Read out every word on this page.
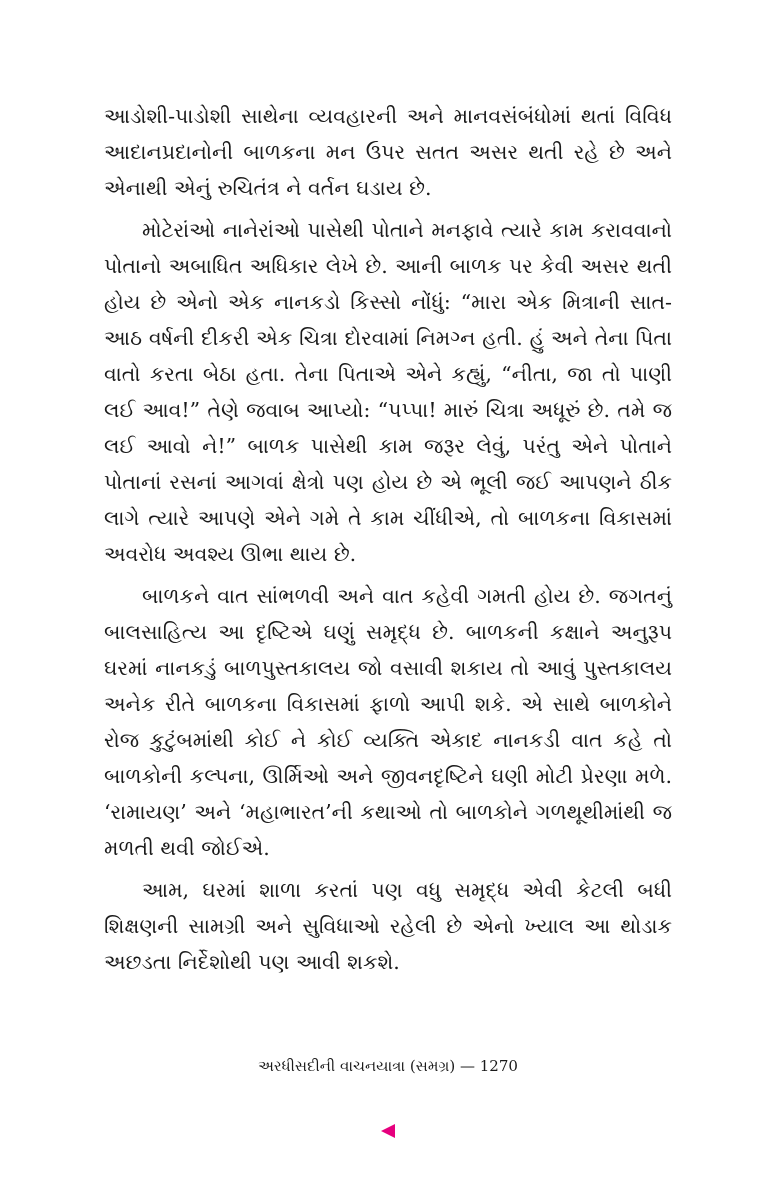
આડોશી-પાડોશી સાથેના વ્યવહારની અને માનવસંબંધોમાં થતાં વિવિધ આદાનપ્રદાનોની બાળકના મન ઉપર સતત અસર થતી રહે છે અને એનાથી એનું રુચિતંત્ર ને વર્તન ઘડાય છે.

મોટેરાંઓ નાનેરાંઓ પાસેથી પોતાને મનફાવે ત્યારે કામ કરાવવાનો પોતાનો અબાધિત અધિકાર લેખે છે. આની બાળક પર કેવી અસર થતી હોય છે એનો એક નાનકડો કિસ્સો નોંધું: “મારા એક મિત્રાની સાત-આઠ વર્ષની દીકરી એક ચિત્રા દોરવામાં નિમગ્ન હતી. હું અને તેના પિતા વાતો કરતા બેઠા હતા. તેના પિતાએ એને કહ્યું, “નીતા, જા તો પાણી લઈ આવ!” તેણે જવાબ આપ્યો: “પપ્પા! મારું ચિત્રા અધૂરું છે. તમે જ લઈ આવો ને!” બાળક પાસેથી કામ જરૂર લેવું, પરંતુ એને પોતાને પોતાનાં રસનાં આગવાં ક્ષેત્રો પણ હોય છે એ ભૂલી જઈ આપણને ઠીક લાગે ત્યારે આપણે એને ગમે તે કામ ચીંધીએ, તો બાળકના વિકાસમાં અવરોધ અવશ્ય ઊભા થાય છે.

બાળકને વાત સાંભળવી અને વાત કહેવી ગમતી હોય છે. જગતનું બાલસાહિત્ય આ દૃષ્ટિએ ઘણું સમૃદ્ધ છે. બાળકની કક્ષાને અનુરૂપ ઘરમાં નાનકડું બાળપુસ્તકાલય જો વસાવી શકાય તો આવું પુસ્તકાલય અનેક રીતે બાળકના વિકાસમાં ફાળો આપી શકે. એ સાથે બાળકોને રોજ કુટુંબમાંથી કોઈ ને કોઈ વ્યક્તિ એકાદ નાનકડી વાત કહે તો બાળકોની કલ્પના, ઊર્મિઓ અને જીવનદૃષ્ટિને ઘણી મોટી પ્રેરણા મળે. ‘રામાયણ’ અને ‘મહાભારત’ની કથાઓ તો બાળકોને ગળથૂથીમાંથી જ મળતી થવી જોઈએ.

આમ, ઘરમાં શાળા કરતાં પણ વધુ સમૃદ્ધ એવી કેટલી બધી શિક્ષણની સામગ્રી અને સુવિધાઓ રહેલી છે એનો ખ્યાલ આ થોડાક અછડતા નિર્દેશોથી પણ આવી શકશે.

અરધીસદીની વાચનયાત્રા (સમગ્ર) — 1270
